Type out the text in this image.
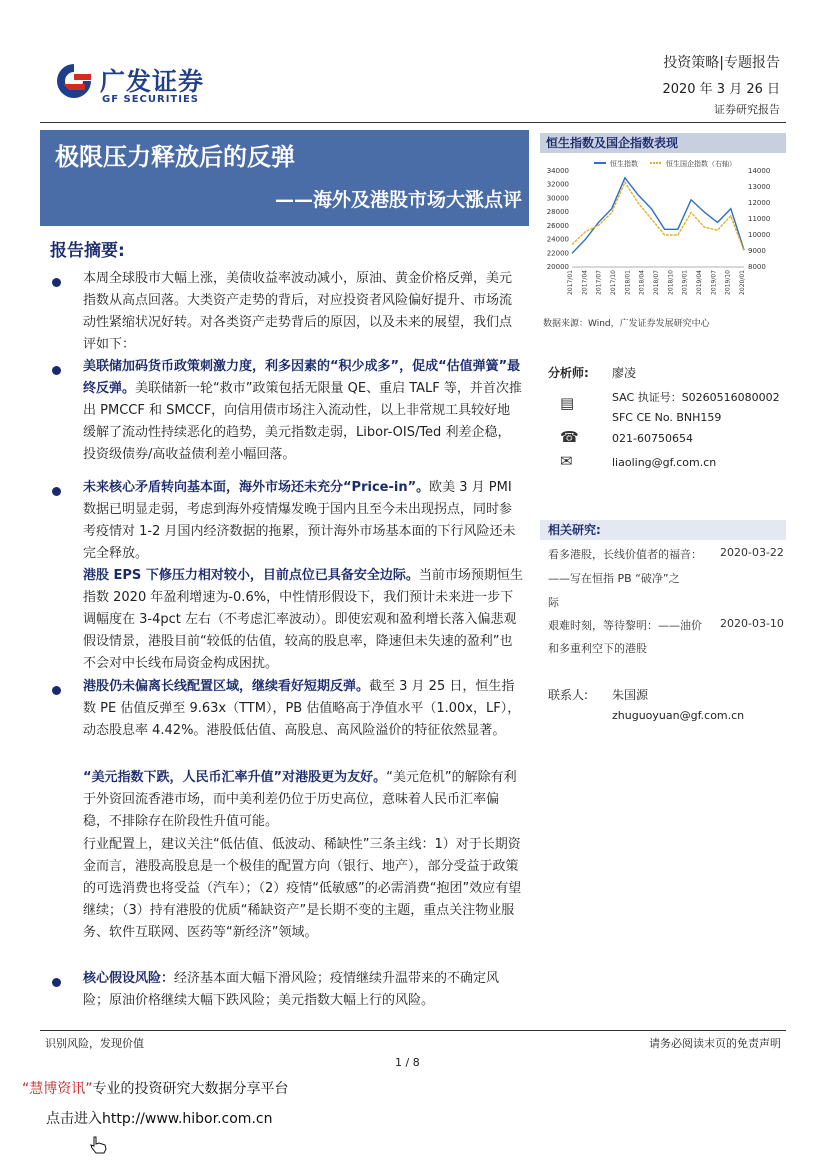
广发证券
GF SECURITIES
投资策略|专题报告
2020 年 3 月 26 日
证券研究报告
极限压力释放后的反弹
——海外及港股市场大涨点评
报告摘要:
本周全球股市大幅上涨，美债收益率波动减小，原油、黄金价格反弹，美元指数从高点回落。大类资产走势的背后，对应投资者风险偏好提升、市场流动性紧缩状况好转。对各类资产走势背后的原因，以及未来的展望，我们点评如下：
美联储加码货币政策刺激力度，利多因素的“积少成多”，促成“估值弹簧”最终反弹。美联储新一轮“救市”政策包括无限量 QE、重启 TALF 等，并首次推出 PMCCF 和 SMCCF，向信用债市场注入流动性，以上非常规工具较好地缓解了流动性持续恶化的趋势，美元指数走弱，Libor-OIS/Ted 利差企稳，投资级债券/高收益债利差小幅回落。
未来核心矛盾转向基本面，海外市场还未充分“Price-in”。欧美 3 月 PMI 数据已明显走弱，考虑到海外疫情爆发晚于国内且至今未出现拐点，同时参考疫情对 1-2 月国内经济数据的拖累，预计海外市场基本面的下行风险还未完全释放。
港股 EPS 下修压力相对较小，目前点位已具备安全边际。当前市场预期恒生指数 2020 年盈利增速为-0.6%，中性情形假设下，我们预计未来进一步下调幅度在 3-4pct 左右（不考虑汇率波动）。即使宏观和盈利增长落入偏悲观假设情景，港股目前“较低的估值，较高的股息率，降速但未失速的盈利”也不会对中长线布局资金构成困扰。
港股仍未偏离长线配置区域，继续看好短期反弹。截至 3 月 25 日，恒生指数 PE 估值反弹至 9.63x（TTM），PB 估值略高于净值水平（1.00x，LF），动态股息率 4.42%。港股低估值、高股息、高风险溢价的特征依然显著。
“美元指数下跌，人民币汇率升值”对港股更为友好。“美元危机”的解除有利于外资回流香港市场，而中美利差仍位于历史高位，意味着人民币汇率偏稳，不排除存在阶段性升值可能。
行业配置上，建议关注“低估值、低波动、稀缺性”三条主线：1）对于长期资金而言，港股高股息是一个极佳的配置方向（银行、地产），部分受益于政策的可选消费也将受益（汽车）；（2）疫情“低敏感”的必需消费“抱团”效应有望继续；（3）持有港股的优质“稀缺资产”是长期不变的主题，重点关注物业服务、软件互联网、医药等“新经济”领域。
核心假设风险：经济基本面大幅下滑风险；疫情继续升温带来的不确定风险；原油价格继续大幅下跌风险；美元指数大幅上行的风险。
恒生指数及国企指数表现
恒生指数	恒生国企指数（右轴）
34000
32000
30000
28000
26000
24000
22000
20000
14000
13000
12000
11000
10000
9000
8000
2017/01 2017/04 2017/07 2017/10 2018/01 2018/04 2018/07 2018/10 2019/01 2019/04 2019/07 2019/10 2020/01
数据来源：Wind，广发证券发展研究中心
分析师: 廖凌
▤	SAC 执证号：S0260516080002
SFC CE No. BNH159
☎	021-60750654
✉	liaoling@gf.com.cn
相关研究:
看多港股，长线价值者的福音： 2020-03-22
——写在恒指 PB “破净”之
际
艰难时刻，等待黎明：——油价 2020-03-10
和多重利空下的港股
联系人: 朱国源
zhuguoyuan@gf.com.cn
识别风险，发现价值	请务必阅读末页的免责声明
1 / 8
“慧博资讯”专业的投资研究大数据分享平台
点击进入http://www.hibor.com.cn
